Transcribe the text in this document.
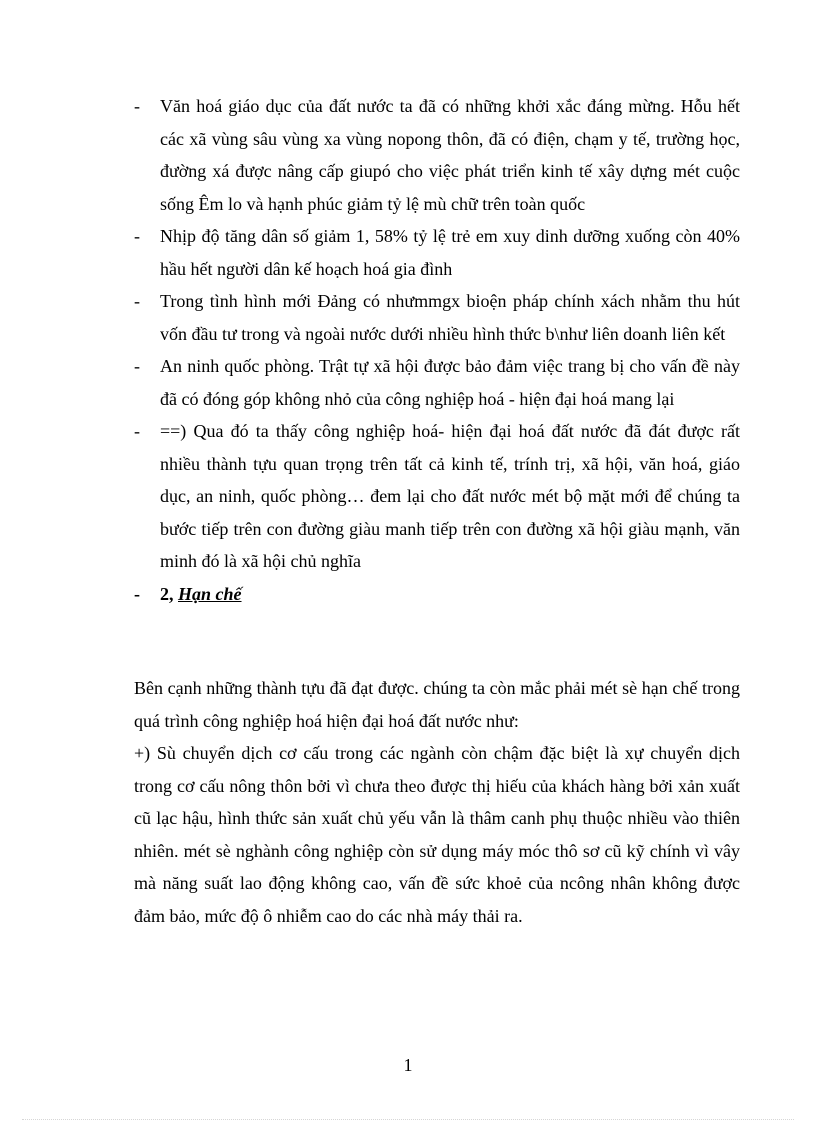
- Văn hoá giáo dục của đất nước ta đã có những khởi xắc đáng mừng. Hỗu hết các xã vùng sâu vùng xa vùng nopong thôn, đã có điện, chạm y tế, trường học, đường xá được nâng cấp giupó cho việc phát triển kinh tế xây dựng mét cuộc sống Êm lo và hạnh phúc giảm tỷ lệ mù chữ trên toàn quốc
- Nhịp độ tăng dân số giảm 1, 58% tỷ lệ trẻ em xuy dinh dưỡng xuống còn 40% hầu hết người dân kế hoạch hoá gia đình
- Trong tình hình mới Đảng có nhưmmgx bioện pháp chính xách nhằm thu hút vốn đầu tư trong và ngoài nước dưới nhiều hình thức b\như liên doanh liên kết
- An ninh quốc phòng. Trật tự xã hội được bảo đảm việc trang bị cho vấn đề này đã có đóng góp không nhỏ của công nghiệp hoá - hiện đại hoá mang lại
- ==) Qua đó ta thấy công nghiệp hoá- hiện đại hoá đất nước đã đát được rất nhiều thành tựu quan trọng trên tất cả kinh tế, trính trị, xã hội, văn hoá, giáo dục, an ninh, quốc phòng… đem lại cho đất nước mét bộ mặt mới để chúng ta bước tiếp trên con đường giàu manh tiếp trên con đường xã hội giàu mạnh, văn minh đó là xã hội chủ nghĩa
- 2, Hạn chế

Bên cạnh những thành tựu đã đạt được. chúng ta còn mắc phải mét sè hạn chế trong quá trình công nghiệp hoá hiện đại hoá đất nước như:

+) Sù chuyển dịch cơ cấu trong các ngành còn chậm đặc biệt là xự chuyển dịch trong cơ cấu nông thôn bởi vì chưa theo được thị hiếu của khách hàng bởi xản xuất cũ lạc hậu, hình thức sản xuất chủ yếu vẫn là thâm canh phụ thuộc nhiều vào thiên nhiên. mét sè nghành công nghiệp còn sử dụng máy móc thô sơ cũ kỹ chính vì vây mà năng suất lao động không cao, vấn đề sức khoẻ của ncông nhân không được đảm bảo, mức độ ô nhiễm cao do các nhà máy thải ra.

1
